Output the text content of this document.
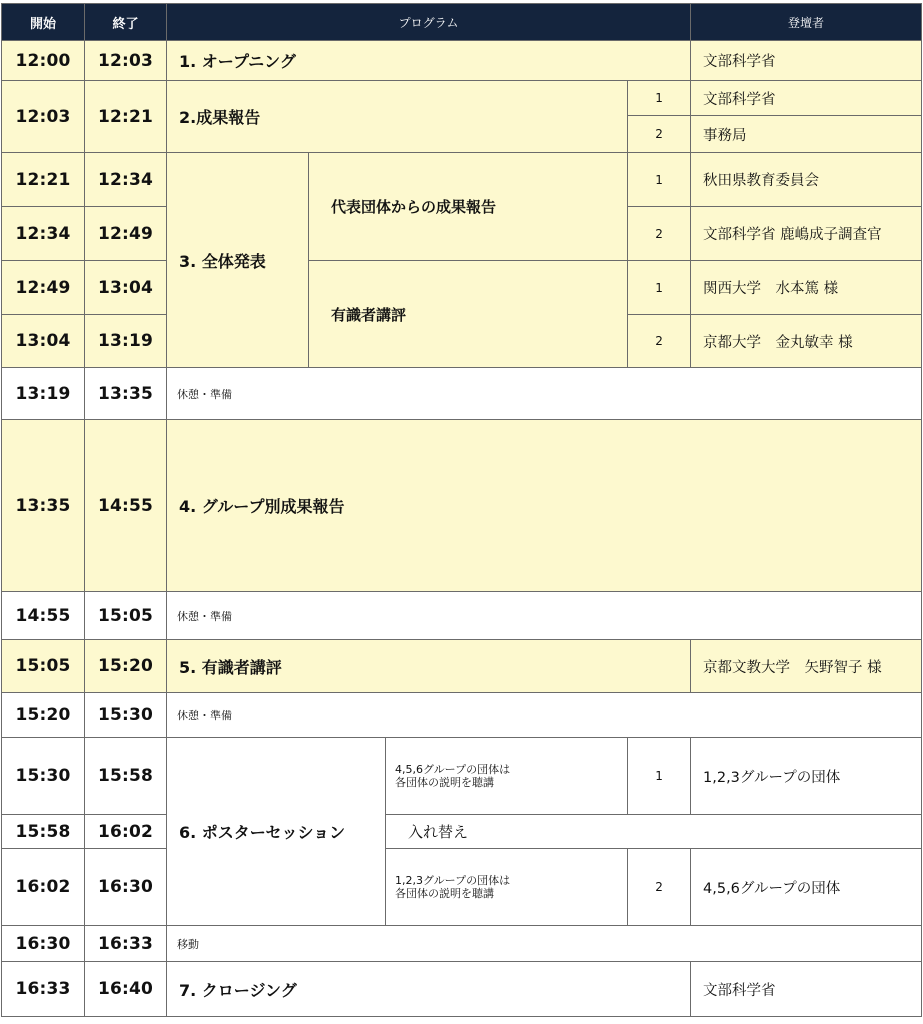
開始	終了	プログラム				登壇者
12:00	12:03	1. オープニング				文部科学省
12:03	12:21	2.成果報告			1	文部科学省
					2	事務局
12:21	12:34	3. 全体発表	代表団体からの成果報告		1	秋田県教育委員会
12:34	12:49				2	文部科学省 鹿嶋成子調査官
12:49	13:04		有識者講評		1	関西大学　水本篤 様
13:04	13:19				2	京都大学　金丸敏幸 様
13:19	13:35	休憩・準備				
13:35	14:55	4. グループ別成果報告				
14:55	15:05	休憩・準備				
15:05	15:20	5. 有識者講評				京都文教大学　矢野智子 様
15:20	15:30	休憩・準備				
15:30	15:58	6. ポスターセッション		4,5,6グループの団体は
各団体の説明を聴講	1	1,2,3グループの団体
15:58	16:02			入れ替え		
16:02	16:30			1,2,3グループの団体は
各団体の説明を聴講	2	4,5,6グループの団体
16:30	16:33	移動				
16:33	16:40	7. クロージング				文部科学省
